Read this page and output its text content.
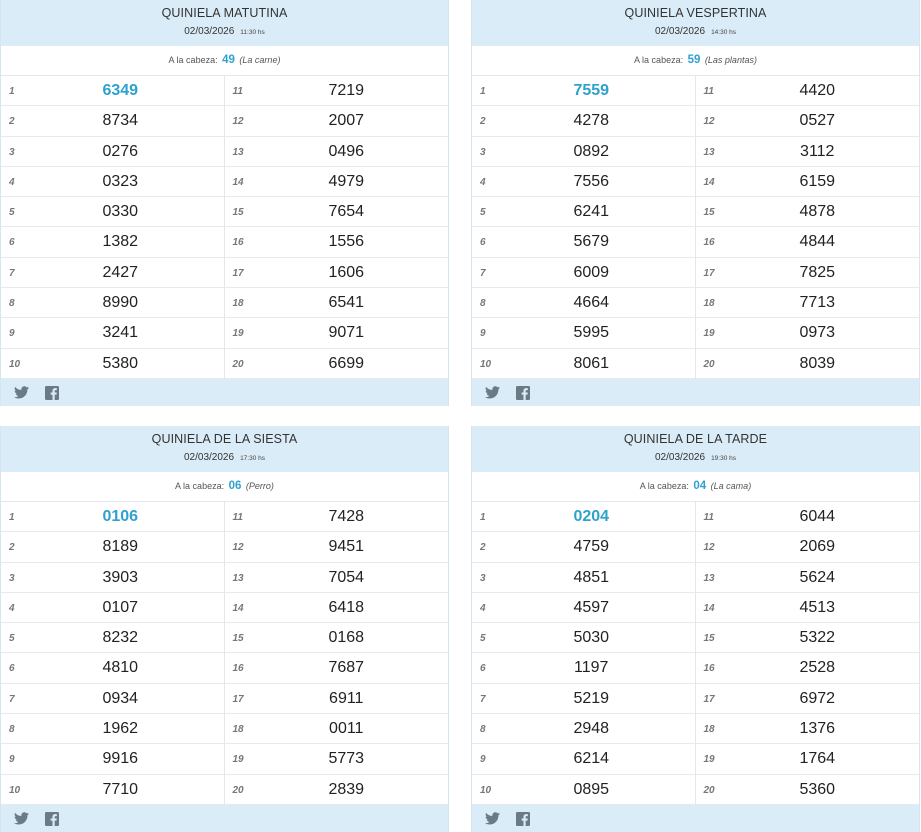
QUINIELA MATUTINA
02/03/2026 11:30 hs
A la cabeza: 49 (La carne)
1	6349
2	8734
3	0276
4	0323
5	0330
6	1382
7	2427
8	8990
9	3241
10	5380
11	7219
12	2007
13	0496
14	4979
15	7654
16	1556
17	1606
18	6541
19	9071
20	6699
QUINIELA VESPERTINA
02/03/2026 14:30 hs
A la cabeza: 59 (Las plantas)
1	7559
2	4278
3	0892
4	7556
5	6241
6	5679
7	6009
8	4664
9	5995
10	8061
11	4420
12	0527
13	3112
14	6159
15	4878
16	4844
17	7825
18	7713
19	0973
20	8039
QUINIELA DE LA SIESTA
02/03/2026 17:30 hs
A la cabeza: 06 (Perro)
1	0106
2	8189
3	3903
4	0107
5	8232
6	4810
7	0934
8	1962
9	9916
10	7710
11	7428
12	9451
13	7054
14	6418
15	0168
16	7687
17	6911
18	0011
19	5773
20	2839
QUINIELA DE LA TARDE
02/03/2026 19:30 hs
A la cabeza: 04 (La cama)
1	0204
2	4759
3	4851
4	4597
5	5030
6	1197
7	5219
8	2948
9	6214
10	0895
11	6044
12	2069
13	5624
14	4513
15	5322
16	2528
17	6972
18	1376
19	1764
20	5360
